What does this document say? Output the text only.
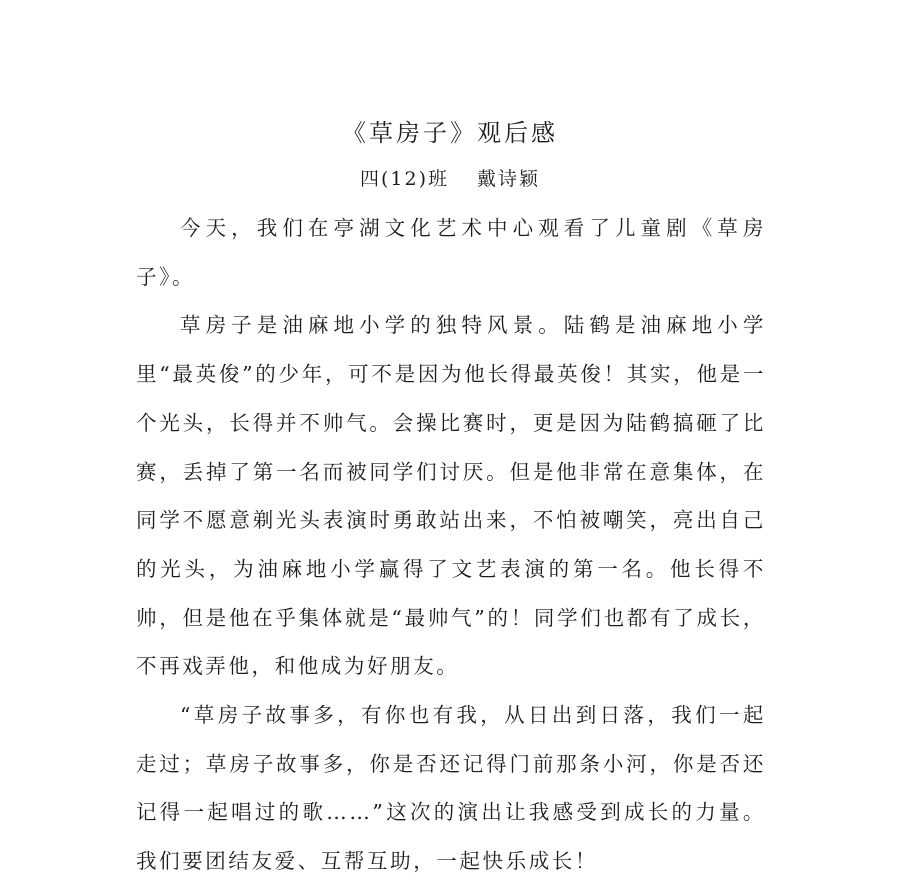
《草房子》观后感
四(12)班 戴诗颖

今天，我们在亭湖文化艺术中心观看了儿童剧《草房子》。

草房子是油麻地小学的独特风景。陆鹤是油麻地小学里“最英俊”的少年，可不是因为他长得最英俊！其实，他是一个光头，长得并不帅气。会操比赛时，更是因为陆鹤搞砸了比赛，丢掉了第一名而被同学们讨厌。但是他非常在意集体，在同学不愿意剃光头表演时勇敢站出来，不怕被嘲笑，亮出自己的光头，为油麻地小学赢得了文艺表演的第一名。他长得不帅，但是他在乎集体就是“最帅气”的！同学们也都有了成长，不再戏弄他，和他成为好朋友。

“草房子故事多，有你也有我，从日出到日落，我们一起走过；草房子故事多，你是否还记得门前那条小河，你是否还记得一起唱过的歌……”这次的演出让我感受到成长的力量。我们要团结友爱、互帮互助，一起快乐成长！
